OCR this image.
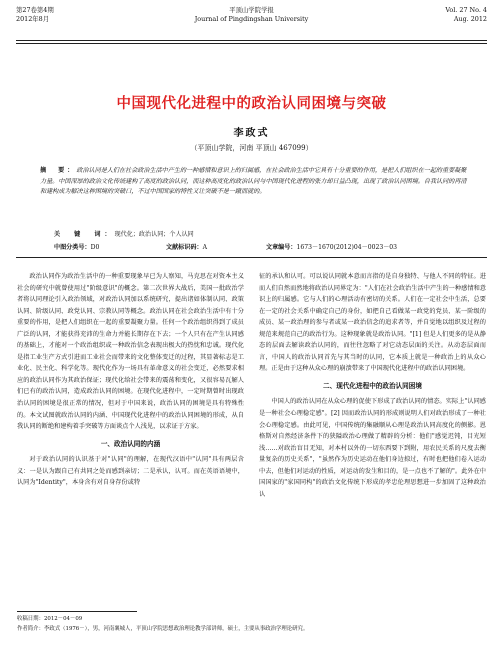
第27卷第4期
2012年8月
平顶山学院学报
Journal of Pingdingshan University
Vol. 27 No. 4
Aug. 2012
中国现代化进程中的政治认同困境与突破
李政式
（平顶山学院，河南 平顶山 467099）
摘　要：政治认同是人们在社会政治生活中产生的一种感情和意识上的归属感，在社会政治生活中它具有十分重要的作用，是把人们组织在一起的重要凝聚力量。中国深厚的政治文化传统建构了高度的政治认同，而这种高度化的政治认同与中国现代化进程的张力却日益凸现，出现了政治认同困境。自我认同的再清和建构成为解决这种困境的突破口，不过中国国家的特性又让突破不是一蹴而就的。
关　键　词：现代化；政治认同；个人认同
中图分类号：D0	文献标识码：A	文章编号：1673－1670(2012)04－0023－03

政治认同作为政治生活中的一种重要现象早已为人察知，马克思在对资本主义社会的研究中就曾使用过"阶级意识"的概念。第二次世界大战后，美国一批政治学者将认同理论引入政治领域，对政治认同加以系统研究，提出诸如体制认同、政策认同、阶级认同、政党认同、宗教认同等概念。政治认同在社会政治生活中有十分重要的作用，是把人们组织在一起的重要凝聚力量。任何一个政治组织得到了成员广泛的认同，才能获得充沛的生命力并能长期存在下去；一个人只有在产生认同感的基础上，才能对一个政治组织或一种政治信念表现出极大的热忱和忠诚。现代化是指工业生产方式引进而工业社会而带来的文化整体变迁的过程，其显著标志是工业化、民主化、科学化等。现代化作为一场具有革命意义的社会变迁，必然要求相应的政治认同作为其政治保证；现代化给社会带来的震荡和变化，又很容易瓦解人们已有的政治认同，造成政治认同的困境。在现代化进程中，一定时期曾时出现政治认同的困境是很正常的情况，但对于中国来说，政治认同的困境是具有特殊性的。本文试图就政治认同的内涵、中国现代化进程中的政治认同困境的形成，从自我认同的断绝和建构着手突破等方面谈点个人浅见，以求证于方家。

一、政治认同的内涵

对于政治认同的认识基于对"认同"的理解，在现代汉语中"认同"具有两层含义：一是认为跟自己有共同之处而感到亲切；二是承认，认可。而在英语语境中，认同为"Identity"，本身含有对自身存份或特

征的承认和认可。可以说认同就本意而言指的是自身独特、与他人不同的特征。进而人们自然而然地将政治认同界定为："人们在社会政治生活中产生的一种感情和意识上的归属感。它与人们的心理活动有密切的关系。人们在一定社会中生活，总要在一定的社会关系中确定自己的身份，如把自己看做某一政党的党员、某一阶级的成员、某一政治理的参与者或某一政治信念的追求者等，并自觉地以组织及过程的规范来规范自己的政治行为。这种现象就是政治认同。"[1] 但是人们更多的是从静态的层面去解读政治认同的，而往往忽略了对它动态层面的关注。从动态层面而言，中国人的政治认同首先与其当时的认同，它本质上就是一种政治上的从众心理。正是由于这种从众心理的崩溃带来了中国现代化进程中的政治认同困境。

二、现代化进程中的政治认同困境

中国人的政治认同在从众心理的促使下形成了政治认同的情态。实际上"认同感是一种社会心理稳定感"。[2] 因而政治认同的形成则说明人们对政治形成了一种社会心理稳定感。由此可见，中国传统的集融顺从心理是政治认同高度化的侧影。恩格斯对自然经济条件下的狭隘政治心理做了精辟的分析：他们"感觉迟钝，目光短浅……对政治盲目无知，对本村以外的一切东西要下到附，用农民关系的尺度去衡量复杂的历史关系"，"虽然作为历史运动在他们身边掠过，有时也把他们卷入运动中去，但他们对运动的性质，对运动的发生和目的，是一点也不了解的"。此外在中国国家的"家国同构"的政治文化传统下形成的孝忠伦理思想进一步加固了这种政治认

收稿日期：2012－04－09
作者简介：李政式（1976－），男，河南襄城人，平顶山学院思想政治理论教学部讲师，硕士，主要从事政治学理论研究。
